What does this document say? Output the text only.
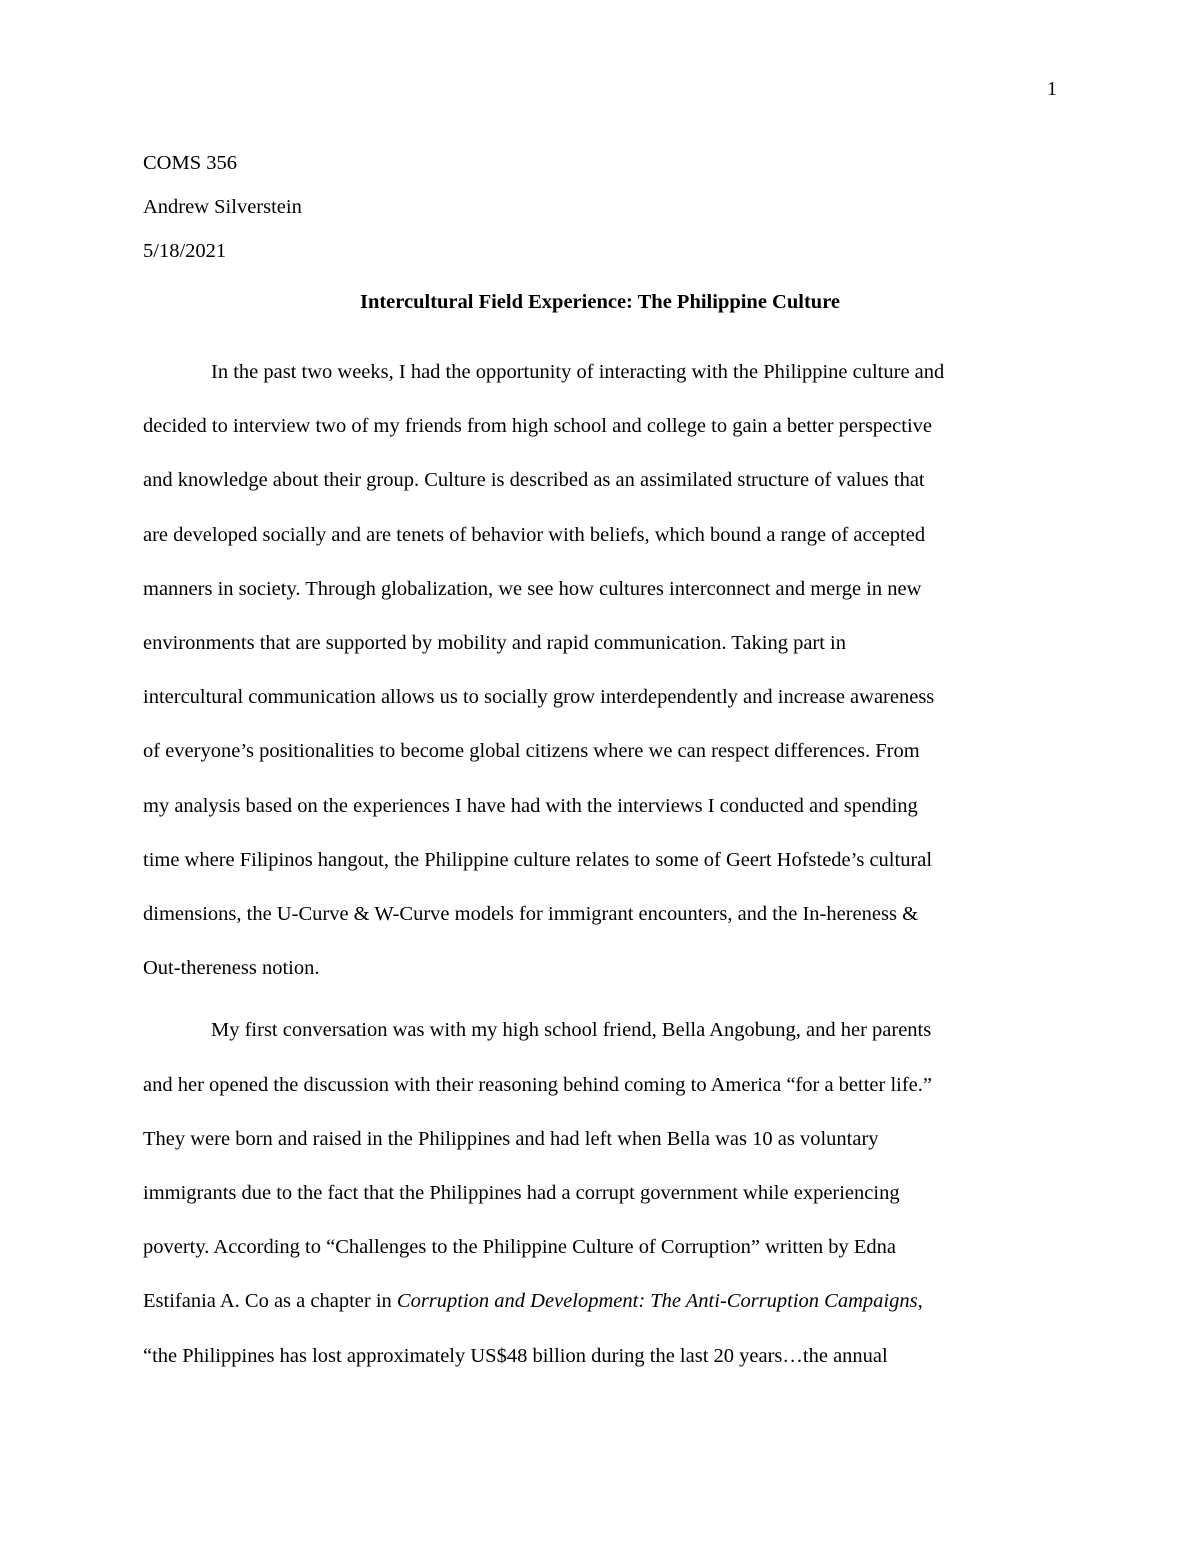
1

COMS 356

Andrew Silverstein

5/18/2021

Intercultural Field Experience: The Philippine Culture

In the past two weeks, I had the opportunity of interacting with the Philippine culture and
decided to interview two of my friends from high school and college to gain a better perspective
and knowledge about their group. Culture is described as an assimilated structure of values that
are developed socially and are tenets of behavior with beliefs, which bound a range of accepted
manners in society. Through globalization, we see how cultures interconnect and merge in new
environments that are supported by mobility and rapid communication. Taking part in
intercultural communication allows us to socially grow interdependently and increase awareness
of everyone’s positionalities to become global citizens where we can respect differences. From
my analysis based on the experiences I have had with the interviews I conducted and spending
time where Filipinos hangout, the Philippine culture relates to some of Geert Hofstede’s cultural
dimensions, the U-Curve & W-Curve models for immigrant encounters, and the In-hereness &
Out-thereness notion.
My first conversation was with my high school friend, Bella Angobung, and her parents
and her opened the discussion with their reasoning behind coming to America “for a better life.”
They were born and raised in the Philippines and had left when Bella was 10 as voluntary
immigrants due to the fact that the Philippines had a corrupt government while experiencing
poverty. According to “Challenges to the Philippine Culture of Corruption” written by Edna
Estifania A. Co as a chapter in Corruption and Development: The Anti-Corruption Campaigns,
“the Philippines has lost approximately US$48 billion during the last 20 years…the annual
